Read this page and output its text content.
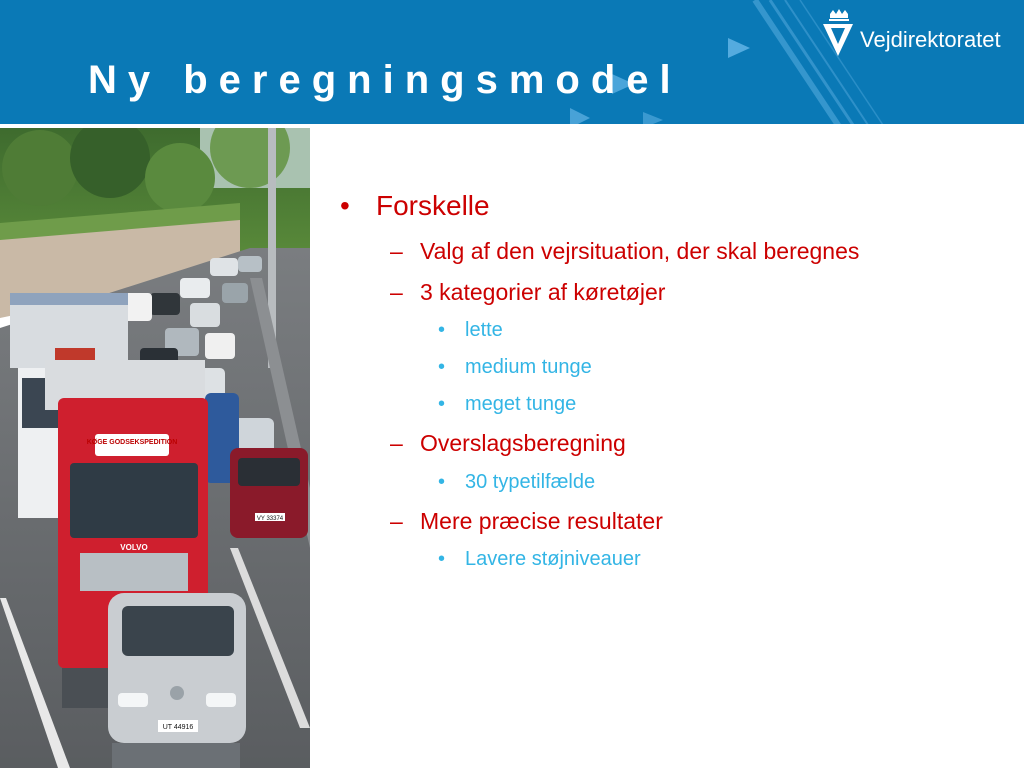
Ny beregningsmodel
Vejdirektoratet
VY 33374
KØGE GODSEKSPEDITION
VOLVO
UT 44916
• Forskelle
– Valg af den vejrsituation, der skal beregnes
– 3 kategorier af køretøjer
• lette
• medium tunge
• meget tunge
– Overslagsberegning
• 30 typetilfælde
– Mere præcise resultater
• Lavere støjniveauer
